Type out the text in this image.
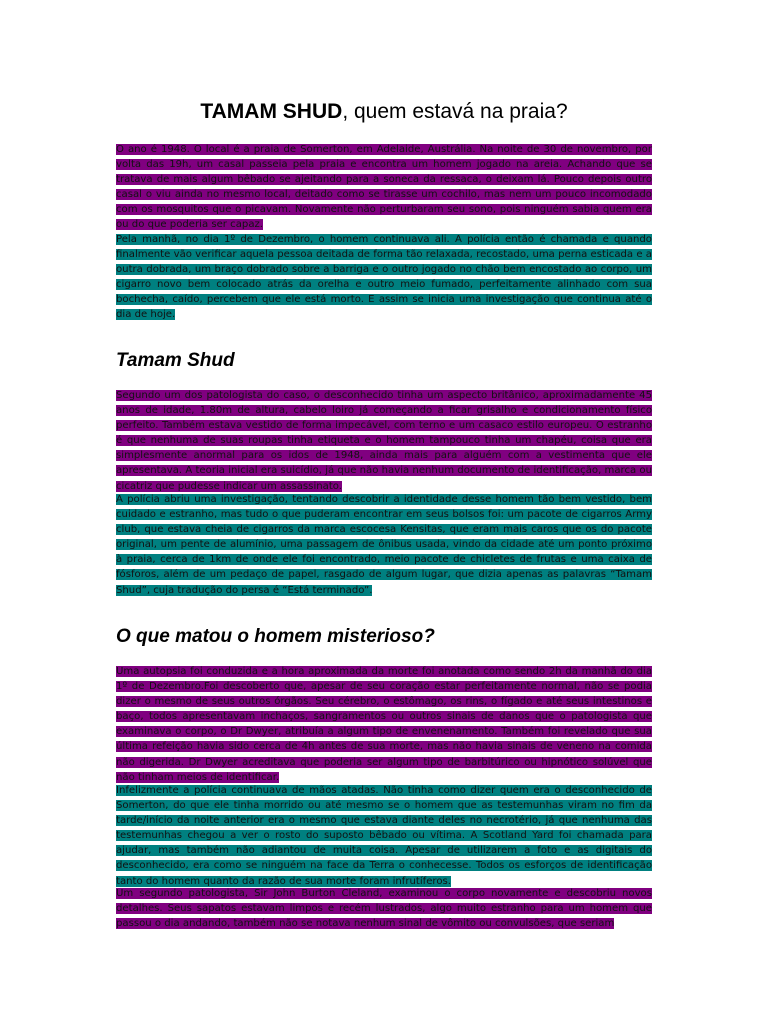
TAMAM SHUD, quem estavá na praia?

O ano é 1948. O local é a praia de Somerton, em Adelaide, Austrália. Na noite de 30 de novembro, por volta das 19h, um casal passeia pela praia e encontra um homem jogado na areia. Achando que se tratava de mais algum bêbado se ajeitando para a soneca da ressaca, o deixam lá. Pouco depois outro casal o viu ainda no mesmo local, deitado como se tirasse um cochilo, mas nem um pouco incomodado com os mosquitos que o picavam. Novamente não perturbaram seu sono, pois ninguém sabia quem era ou do que poderia ser capaz.

Pela manhã, no dia 1º de Dezembro, o homem continuava ali. A polícia então é chamada e quando finalmente vão verificar aquela pessoa deitada de forma tão relaxada, recostado, uma perna esticada e a outra dobrada, um braço dobrado sobre a barriga e o outro jogado no chão bem encostado ao corpo, um cigarro novo bem colocado atrás da orelha e outro meio fumado, perfeitamente alinhado com sua bochecha, caído, percebem que ele está morto. E assim se inicia uma investigação que continua até o dia de hoje.

Tamam Shud

Segundo um dos patologista do caso, o desconhecido tinha um aspecto britânico, aproximadamente 45 anos de idade, 1.80m de altura, cabelo loiro já começando a ficar grisalho e condicionamento físico perfeito. Também estava vestido de forma impecável, com terno e um casaco estilo europeu. O estranho é que nenhuma de suas roupas tinha etiqueta e o homem tampouco tinha um chapéu, coisa que era simplesmente anormal para os idos de 1948, ainda mais para alguém com a vestimenta que ele apresentava. A teoria inicial era suicídio, já que não havia nenhum documento de identificação, marca ou cicatriz que pudesse indicar um assassinato.

A polícia abriu uma investigação, tentando descobrir a identidade desse homem tão bem vestido, bem cuidado e estranho, mas tudo o que puderam encontrar em seus bolsos foi: um pacote de cigarros Army club, que estava cheia de cigarros da marca escocesa Kensitas, que eram mais caros que os do pacote original, um pente de alumínio, uma passagem de ônibus usada, vindo da cidade até um ponto próximo à praia, cerca de 1km de onde ele foi encontrado, meio pacote de chicletes de frutas e uma caixa de fósforos, além de um pedaço de papel, rasgado de algum lugar, que dizia apenas as palavras “Tamam Shud”, cuja tradução do persa é “Está terminado”.

O que matou o homem misterioso?

Uma autopsia foi conduzida e a hora aproximada da morte foi anotada como sendo 2h da manhã do dia 1º de Dezembro.Foi descoberto que, apesar de seu coração estar perfeitamente normal, não se podia dizer o mesmo de seus outros órgãos. Seu cérebro, o estômago, os rins, o fígado e até seus intestinos e baço, todos apresentavam inchaços, sangramentos ou outros sinais de danos que o patologista que examinava o corpo, o Dr Dwyer, atribuía a algum tipo de envenenamento. Também foi revelado que sua última refeição havia sido cerca de 4h antes de sua morte, mas não havia sinais de veneno na comida não digerida. Dr Dwyer acreditava que poderia ser algum tipo de barbitúrico ou hipnótico solúvel que não tinham meios de identificar.

Infelizmente a polícia continuava de mãos atadas. Não tinha como dizer quem era o desconhecido de Somerton, do que ele tinha morrido ou até mesmo se o homem que as testemunhas viram no fim da tarde/início da noite anterior era o mesmo que estava diante deles no necrotério, já que nenhuma das testemunhas chegou a ver o rosto do suposto bêbado ou vítima. A Scotland Yard foi chamada para ajudar, mas também não adiantou de muita coisa. Apesar de utilizarem a foto e as digitais do desconhecido, era como se ninguém na face da Terra o conhecesse. Todos os esforços de identificação tanto do homem quanto da razão de sua morte foram infrutíferos.

Um segundo patologista, Sir John Burton Cleland, examinou o corpo novamente e descobriu novos detalhes. Seus sapatos estavam limpos e recém lustrados, algo muito estranho para um homem que passou o dia andando, também não se notava nenhum sinal de vômito ou convulsões, que seriam
